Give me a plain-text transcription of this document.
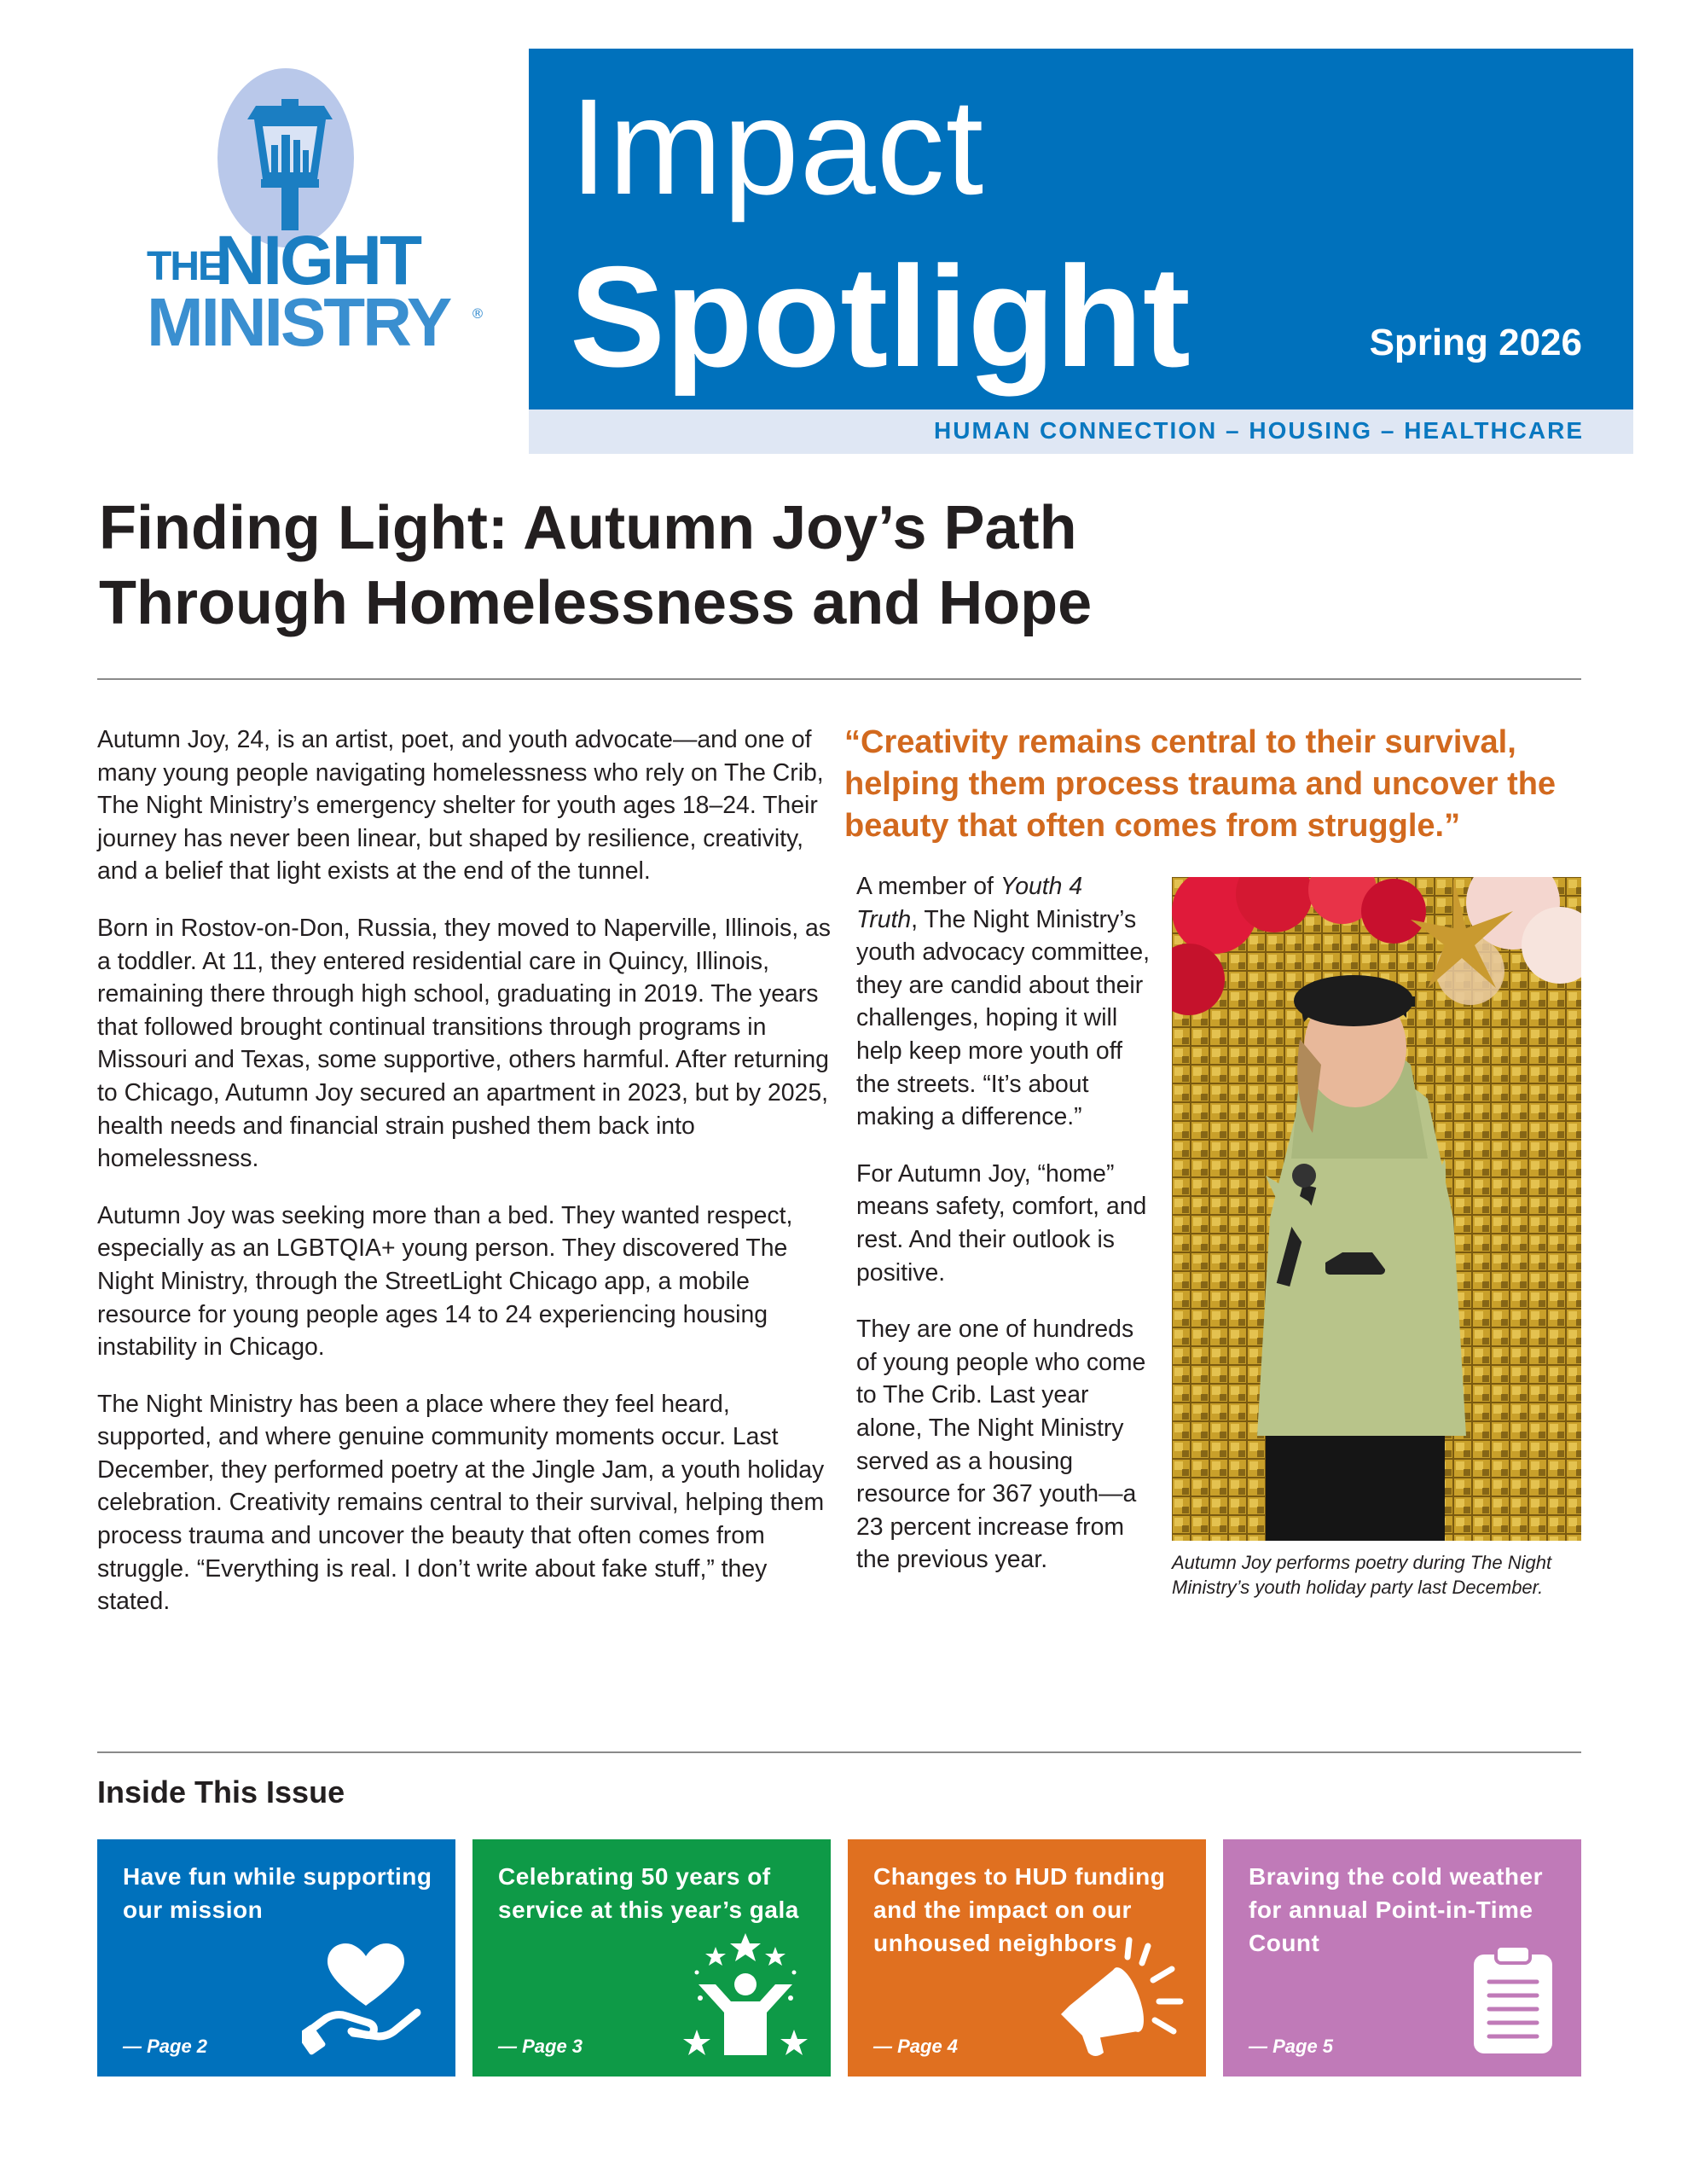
THE
NIGHT
MINISTRY ®
Impact
Spotlight	Spring 2026
HUMAN CONNECTION – HOUSING – HEALTHCARE
Finding Light: Autumn Joy’s Path
Through Homelessness and Hope

Autumn Joy, 24, is an artist, poet, and youth advocate—and one of many young people navigating homelessness who rely on The Crib, The Night Ministry’s emergency shelter for youth ages 18–24. Their journey has never been linear, but shaped by resilience, creativity, and a belief that light exists at the end of the tunnel.

Born in Rostov-on-Don, Russia, they moved to Naperville, Illinois, as a toddler. At 11, they entered residential care in Quincy, Illinois, remaining there through high school, graduating in 2019. The years that followed brought continual transitions through programs in Missouri and Texas, some supportive, others harmful. After returning to Chicago, Autumn Joy secured an apartment in 2023, but by 2025, health needs and financial strain pushed them back into homelessness.

Autumn Joy was seeking more than a bed. They wanted respect, especially as an LGBTQIA+ young person. They discovered The Night Ministry, through the StreetLight Chicago app, a mobile resource for young people ages 14 to 24 experiencing housing instability in Chicago.

The Night Ministry has been a place where they feel heard, supported, and where genuine community moments occur. Last December, they performed poetry at the Jingle Jam, a youth holiday celebration. Creativity remains central to their survival, helping them process trauma and uncover the beauty that often comes from struggle. “Everything is real. I don’t write about fake stuff,” they stated.

“Creativity remains central to their survival, helping them process trauma and uncover the beauty that often comes from struggle.”

A member of Youth 4 Truth, The Night Ministry’s youth advocacy committee, they are candid about their challenges, hoping it will help keep more youth off the streets. “It’s about making a difference.”

For Autumn Joy, “home” means safety, comfort, and rest. And their outlook is positive.

They are one of hundreds of young people who come to The Crib. Last year alone, The Night Ministry served as a housing resource for 367 youth—a 23 percent increase from the previous year.	Autumn Joy performs poetry during The Night Ministry’s youth holiday party last December.
Inside This Issue
Have fun while supporting our mission
— Page 2
Celebrating 50 years of service at this year’s gala
— Page 3
Changes to HUD funding and the impact on our unhoused neighbors
— Page 4
Braving the cold weather for annual Point-in-Time Count
— Page 5
